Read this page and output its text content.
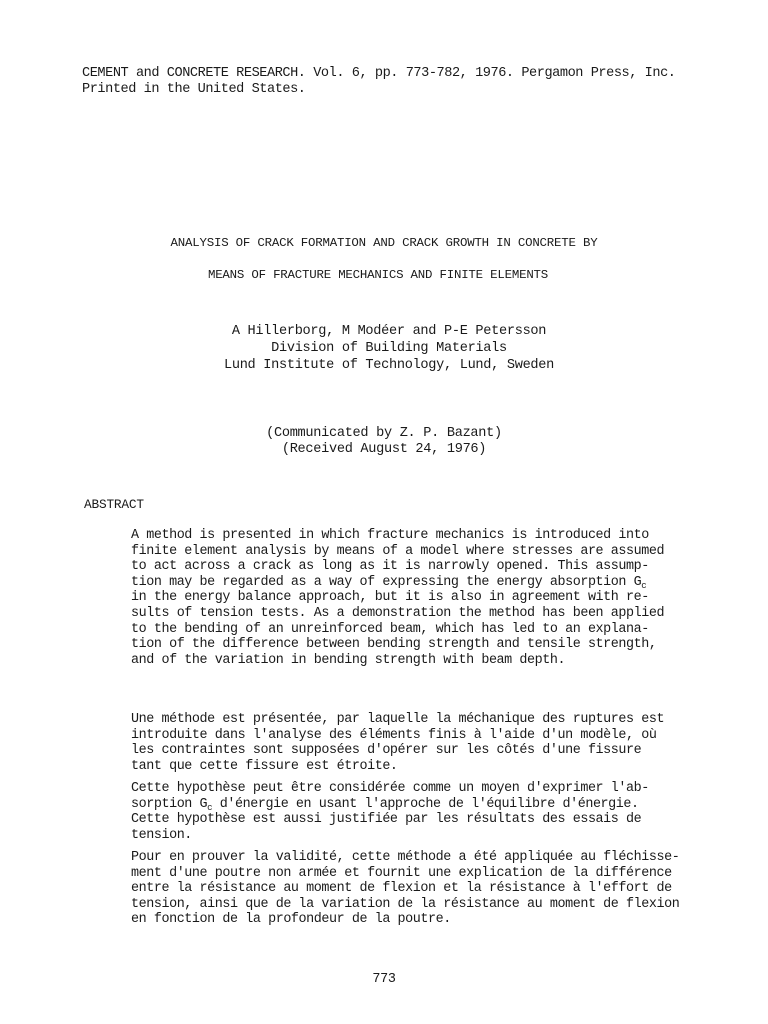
CEMENT and CONCRETE RESEARCH. Vol. 6, pp. 773-782, 1976. Pergamon Press, Inc.
Printed in the United States.
ANALYSIS OF CRACK FORMATION AND CRACK GROWTH IN CONCRETE BY
MEANS OF FRACTURE MECHANICS AND FINITE ELEMENTS
A Hillerborg, M Modéer and P-E Petersson
Division of Building Materials
Lund Institute of Technology, Lund, Sweden
(Communicated by Z. P. Bazant)
(Received August 24, 1976)
ABSTRACT
A method is presented in which fracture mechanics is introduced into
finite element analysis by means of a model where stresses are assumed
to act across a crack as long as it is narrowly opened. This assump-
tion may be regarded as a way of expressing the energy absorption $G_c$
in the energy balance approach, but it is also in agreement with re-
sults of tension tests. As a demonstration the method has been applied
to the bending of an unreinforced beam, which has led to an explana-
tion of the difference between bending strength and tensile strength,
and of the variation in bending strength with beam depth.
Une méthode est présentée, par laquelle la méchanique des ruptures est
introduite dans l'analyse des éléments finis à l'aide d'un modèle, où
les contraintes sont supposées d'opérer sur les côtés d'une fissure
tant que cette fissure est étroite.
Cette hypothèse peut être considérée comme un moyen d'exprimer l'ab-
sorption $G_c$ d'énergie en usant l'approche de l'équilibre d'énergie.
Cette hypothèse est aussi justifiée par les résultats des essais de
tension.
Pour en prouver la validité, cette méthode a été appliquée au fléchisse-
ment d'une poutre non armée et fournit une explication de la différence
entre la résistance au moment de flexion et la résistance à l'effort de
tension, ainsi que de la variation de la résistance au moment de flexion
en fonction de la profondeur de la poutre.
773
